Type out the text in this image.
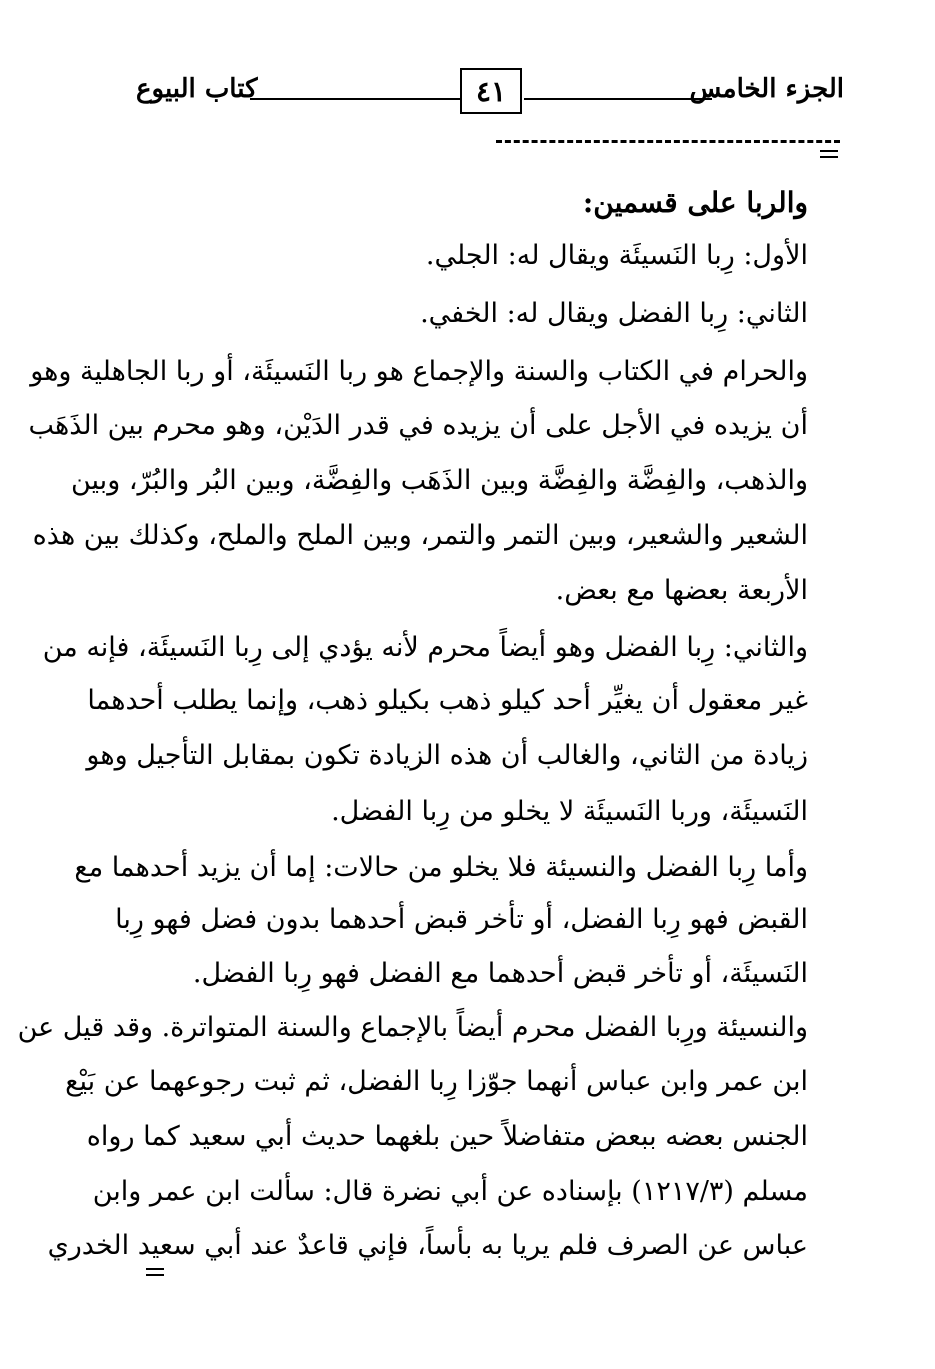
كتاب البيوع	٤١	الجزء الخامس
والربا على قسمين:
الأول: رِبا النَسيئَة ويقال له: الجلي.
الثاني: رِبا الفضل ويقال له: الخفي.
والحرام في الكتاب والسنة والإجماع هو ربا النَسيئَة، أو ربا الجاهلية وهو
أن يزيده في الأجل على أن يزيده في قدر الدَيْن، وهو محرم بين الذَهَب
والذهب، والفِضَّة والفِضَّة وبين الذَهَب والفِضَّة، وبين البُر والبُرّ، وبين
الشعير والشعير، وبين التمر والتمر، وبين الملح والملح، وكذلك بين هذه
الأربعة بعضها مع بعض.
والثاني: رِبا الفضل وهو أيضاً محرم لأنه يؤدي إلى رِبا النَسيئَة، فإنه من
غير معقول أن يغيِّر أحد كيلو ذهب بكيلو ذهب، وإنما يطلب أحدهما
زيادة من الثاني، والغالب أن هذه الزيادة تكون بمقابل التأجيل وهو
النَسيئَة، وربا النَسيئَة لا يخلو من رِبا الفضل.
وأما رِبا الفضل والنسيئة فلا يخلو من حالات: إما أن يزيد أحدهما مع
القبض فهو رِبا الفضل، أو تأخر قبض أحدهما بدون فضل فهو رِبا
النَسيئَة، أو تأخر قبض أحدهما مع الفضل فهو رِبا الفضل.
والنسيئة ورِبا الفضل محرم أيضاً بالإجماع والسنة المتواترة. وقد قيل عن
ابن عمر وابن عباس أنهما جوّزا رِبا الفضل، ثم ثبت رجوعهما عن بَيْع
الجنس بعضه ببعض متفاضلاً حين بلغهما حديث أبي سعيد كما رواه
مسلم (١٢١٧/٣) بإسناده عن أبي نضرة قال: سألت ابن عمر وابن
عباس عن الصرف فلم يريا به بأساً، فإني قاعدٌ عند أبي سعيد الخدري
